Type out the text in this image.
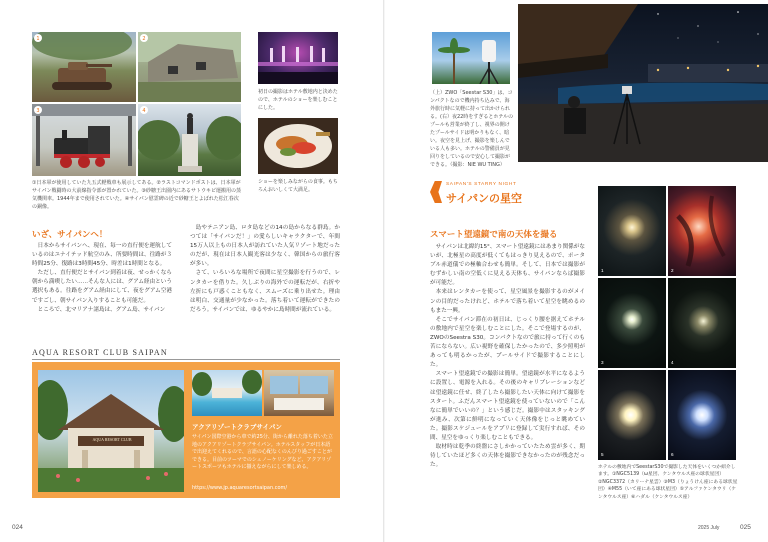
1	2
3	4
①日本軍が使用していた九五式軽戦車も展示してある。②ラストコマンドポストは、日本軍がサイパン戦闘時の大前線指令部が置かれていた。③砂糖王出園内にあるサトウキビ運搬用の蒸気機関車。1944年まで使用されていた。④サイパン慰霊碑の近で砂糖王とよばれた松江春次の銅像。
初日の撮影はホテル敷地内と決めたので、ホテルのショーを楽しむことにした。
ショーを楽しみながらの食事。もちろんおいしくて大満足。
いざ、サイパンへ！

日本からサイパンへ、現在、毎一の直行便を運航しているのはユナイテッド航空のみ、所要時間は、往路が３時間25分、復路は3時間45分、時差は1時間となる。

ただし、直行便だとサイパン到着は夜、せっかくなら朝から満喫したい……そんな人には、グアム経由という選択もある。往路をグアム経由にして、夜をグアム空港ですごし、朝サイパン入りすることも可能だ。

ところで、北マリアナ諸島は、グアム島、サイパン

島やテニアン島、ロタ島などの14の島からなる群島。かつては「サイパンだ！」の愛らしいキャラクターで、年間15万人以上もの日本人が訪れていた人気リゾート地だったのだが、現在は日本人観光客は少なく、韓国からの旅行客が多い。

さて、いろいろな場所で夜間に星空撮影を行うので、レンタカーを借りた。久しぶりの海外での運転だが、右折や左折にも戸惑くこともなく、スムーズに乗り出せた。理由は明白、交通量が少なかった。落ち着いて運転ができたのだろう。サイパンでは、ゆるやかに島時間が流れている。

AQUA RESORT CLUB SAIPAN
AQUA RESORT CLUB
アクアリゾートクラブサイパン
サイパン国際空港から車で約25分、街から離れた落ち着いた立地のアクアリゾートクラブサイパン。ホテルスタッフが日本語で出迎えてくれるので、言語の心配なくのんびり過ごすことができる。目前のツーマでのシュノーケリングなど、アクアリゾートスポーツもホテルに揃えながらにして楽しめる。
https://www.jp.aquaresortsaipan.com/
024
（上）ZWO「Seestar S30」は、コンパクトなので機内持ち込みで、海外旅行時に気軽に持って出かけられる。(右）夜22時をすぎるとホテルのプールも営業が終了し、視界の開けたプールサイドは明かりもなく、暗い。夜空を見上げ、撮影を楽しんでいる人も多い。ホテルの警備員が見回りをしているので安心して撮影ができる。（撮影：NIE WU TING）
SAIPAN'S STARRY NIGHT
サイパンの星空
スマート望遠鏡で南の天体を撮る

サイパンは北緯約15°、スマート望遠鏡にはあまり関係がないが、北極星の高度が低くてもはっきり見えるので、ポータブル赤道儀での極軸合わせも簡単。そして、日本では撮影がむずかしい南の空低くに見える天体も、サイパンならば撮影が可能だ。

本来はレンタカーを使って、星空風景を撮影するのがメインの目的だったけれど、ホテルで落ち着いて星空を眺めるのもまた一興。

そこでサイパン滞在の初日は、じっくり腰を据えてホテルの敷地内で星空を楽しむことにした。そこで登場するのが、ZWOのSeestra S30。コンパクトなので旅に持って行くのも苦にならない。広い視野を確保したかったので、多少照明があっても明るかったが、プールサイドで撮影することにした。

スマート望遠鏡での撮影は簡単。望遠鏡が水平になるように設置し、電源を入れる。その後のキャリブレーションなどは望遠鏡に任せ、終了したら撮影したい天体に向けて撮影をスタート。ふだんスマート望遠鏡を使っていないので「こんなに簡単でいいの？」という感じだ。撮影中はスタッキングが進み、次第に鮮明になっていく天体像をじっと眺めていた。撮影スケジュールをアプリに登録して実行すれば、その間、星空をゆっくり楽しむこともできる。

取材時は乾季の終盤にさしかかっていたため雲が多く、期待していたほど多くの天体を撮影できなかったのが残念だった。

1	2
3	4
5	6
ホテルの敷地内でSeestarS30で撮影した天体をいくつか紹介します。①NGC5139（ω星団、ケンタウルス座の球状星団）②NGC3372（カリーナ星雲）③M3（りょうけん座にある球状星団）④M55（いて座にある球状星団）⑤アルファケンタウリ（ケンタウルス座）⑥ハダル（ケンタウルス座）
2025 July	025
